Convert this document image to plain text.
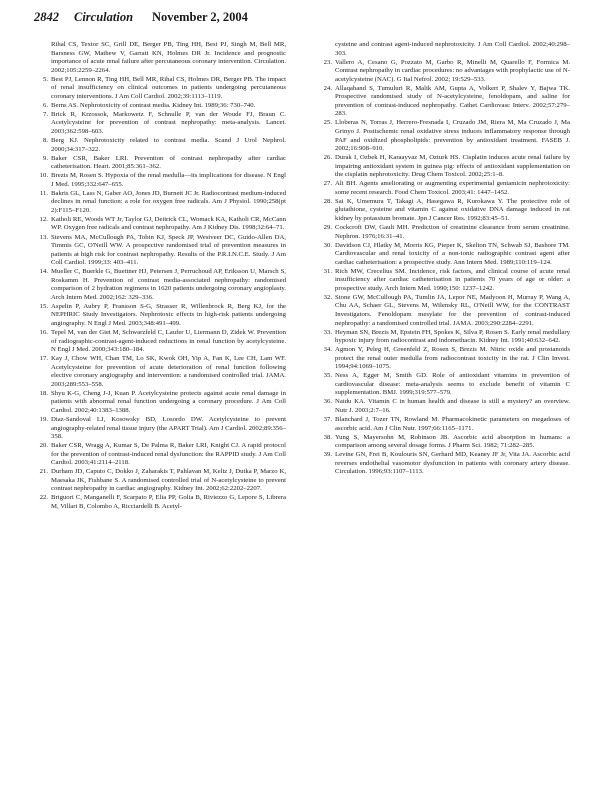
2842 Circulation November 2, 2004
Rihal CS, Textor SC, Grill DE, Berger PB, Ting HH, Best PJ, Singh M, Bell MR, Barsness GW, Mathew V, Garratt KN, Holmes DR Jr. Incidence and prognostic importance of acute renal failure after percutaneous coronary intervention. Circulation. 2002;105:2259–2264.
5. Best PJ, Lennon R, Ting HH, Bell MR, Rihal CS, Holmes DR, Berger PB. The impact of renal insufficiency on clinical outcomes in patients undergoing percutaneous coronary interventions. J Am Coll Cardiol. 2002;39:1113–1119.
6. Berns AS. Nephrotoxicity of contrast media. Kidney Int. 1989;36: 730–740.
7. Brick R, Krzossok, Markowetz F, Schnulle P, van der Woude FJ, Braun C. Acetylcysteine for prevention of contrast nephropathy: meta-analysis. Lancet. 2003;362:598–603.
8. Berg KJ. Nephrotoxicity related to contrast media. Scand J Urol Nephrol. 2000;34:317–322.
9. Baker CSR, Baker LRI. Prevention of contrast nephropathy after cardiac catheterisation. Heart. 2001;85:361–362.
10. Brezis M, Rosen S. Hypoxia of the renal medulla—its implications for disease. N Engl J Med. 1995;332:647–655.
11. Bakris GL, Lass N, Gaber AO, Jones JD, Burnett JC Jr. Radiocontrast medium-induced declines in renal function: a role for oxygen free radicals. Am J Physiol. 1990;258(pt 2):F115–F120.
12. Katholi RE, Woods WT Jr, Taylor GJ, Deitrick CL, Womack KA, Katholi CR, McCann WP. Oxygen free radicals and contrast nephropathy. Am J Kidney Dis. 1998;32:64–71.
13. Stevens MA, McCullough PA, Tobin KJ, Speck JP, Westveer DC, Guido-Allen DA, Timmis GC, O'Neill WW. A prospective randomised trial of prevention measures in patients at high risk for contrast nephropathy. Results of the P.R.I.N.C.E. Study. J Am Coll Cardiol. 1999;33: 403–411.
14. Mueller C, Buerkle G, Buettner HJ, Petersen J, Perruchoud AP, Eriksson U, Marsch S, Roskamm H. Prevention of contrast media-associated nephropathy: randomised comparison of 2 hydration regimens in 1620 patients undergoing coronary angioplasty. Arch Intern Med. 2002;162: 329–336.
15. Aspelin P, Aubry P, Fransson S-G, Strasser R, Willenbrock R, Berg KJ, for the NEPHRIC Study Investigators. Nephrotoxic effects in high-risk patients undergoing angiography. N Engl J Med. 2003;348:491–499.
16. Tepel M, van der Giet M, Schwarzfeld C, Laufer U, Liermann D, Zidek W. Prevention of radiographic-contrast-agent-induced reductions in renal function by acetylcysteine. N Engl J Med. 2000;343:180–184.
17. Kay J, Chow WH, Chan TM, Lo SK, Kwok OH, Yip A, Fan K, Lee CH, Lam WF. Acetylcysteine for prevention of acute deterioration of renal function following elective coronary angiography and intervention: a randomised controlled trial. JAMA. 2003;289:553–558.
18. Shyu K-G, Cheng J-J, Kuan P. Acetylcysteine protects against acute renal damage in patients with abnormal renal function undergoing a coronary procedure. J Am Coll Cardiol. 2002;40:1383–1388.
19. Diaz-Sandoval LJ, Kosowsky BD, Losordo DW. Acetylcysteine to prevent angiography-related renal tissue injury (the APART Trial). Am J Cardiol. 2002;89:356–358.
20. Baker CSR, Wragg A, Kumar S, De Palma R, Baker LRI, Knight CJ. A rapid protocol for the prevention of contrast-induced renal dysfunction: the RAPPID study. J Am Coll Cardiol. 2003;41:2114–2118.
21. Durham JD, Caputo C, Dokko J, Zaharakis T, Pahlavan M, Keltz J, Dutka P, Marzo K, Maesaka JK, Fishbane S. A randomised controlled trial of N-acetylcysteine to prevent contrast nephropathy in cardiac angiography. Kidney Int. 2002;62:2202–2207.
22. Briguori C, Manganelli F, Scarpato P, Elia PP, Golia B, Riviezzo G, Lepore S, Librera M, Villari B, Colombo A, Ricciardelli B. Acetyl-
cysteine and contrast agent-induced nephrotoxicity. J Am Coll Cardiol. 2002;40:298–303.
23. Vallero A, Cesano G, Pozzato M, Garbo R, Minelli M, Quarello F, Formica M. Contrast nephropathy in cardiac procedures: no advantages with prophylactic use of N-acetylcysteine (NAC). G Ital Nefrol. 2002; 19:529–533.
24. Allaqaband S, Tumuluri R, Malik AM, Gupta A, Volkert P, Shalev Y, Bajwa TK. Prospective randomised study of N-acetylcysteine, fenoldopam, and saline for prevention of contrast-induced nephropathy. Cathet Cardiovasc Interv. 2002;57:279–283.
25. Lloberas N, Torras J, Herrero-Fresnada I, Cruzado JM, Riera M, Ma Cruzado J, Ma Grinyo J. Postischemic renal oxidative stress induces inflammatory response through PAF and oxidized phospholipids: prevention by antioxidant treatment. FASEB J. 2002;16:908–910.
26. Durak I, Ozbek H, Karaayvaz M, Ozturk HS. Cisplatin induces acute renal failure by impairing antioxidant system in guinea pig: effects of antioxidant supplementation on the cisplatin nephrotoxicity. Drug Chem Toxicol. 2002;25:1–8.
27. Ali BH. Agents ameliorating or augmenting experimental gentamicin nephrotoxicity: some recent research. Food Chem Toxicol. 2003;41: 1447–1452.
28. Sai K, Umemura T, Takagi A, Hasegawa R, Kurokawa Y. The protective role of glutathione, cysteine and vitamin C against oxidative DNA damage induced in rat kidney by potassium bromate. Jpn J Cancer Res. 1992;83:45–51.
29. Cockcroft DW, Gault MH. Prediction of creatinine clearance from serum creatinine. Nephron. 1976;16:31–41.
30. Davidson CJ, Hlatky M, Morris KG, Pieper K, Skelton TN, Schwab SJ, Bashore TM. Cardiovascular and renal toxicity of a non-ionic radiographic contrast agent after cardiac catheterisation: a prospective study. Ann Intern Med. 1989;110:119–124.
31. Rich MW, Crecelius SM. Incidence, risk factors, and clinical course of acute renal insufficiency after cardiac catheterisation in patients 70 years of age or older: a prospective study. Arch Intern Med. 1990;150: 1237–1242.
32. Stone GW, McCullough PA, Tumlin JA, Lepor NE, Madyoon H, Murray P, Wang A, Chu AA, Schaer GL, Stevens M, Wilensky RL, O'Neill WW, for the CONTRAST Investigators. Fenoldopam mesylate for the prevention of contrast-induced nephropathy: a randomised controlled trial. JAMA. 2003;290:2284–2291.
33. Heyman SN, Brezis M, Epstein FH, Spokes K, Silva P, Rosen S. Early renal medullary hypoxic injury from radiocontrast and indomethacin. Kidney Int. 1991;40:632–642.
34. Agmon Y, Peleg H, Greenfeld Z, Rosen S, Brezis M. Nitric oxide and prostanoids protect the renal outer medulla from radiocontrast toxicity in the rat. J Clin Invest. 1994;94:1069–1075.
35. Ness A, Egger M, Smith GD. Role of antioxidant vitamins in prevention of cardiovascular disease: meta-analysis seems to exclude benefit of vitamin C supplementation. BMJ. 1999;319:577–579.
36. Naidu KA. Vitamin C in human health and disease is still a mystery? an overview. Nutr J. 2003;2:7–16.
37. Blanchard J, Tozer TN, Rowland M. Pharmacokinetic parameters on megadoses of ascorbic acid. Am J Clin Nutr. 1997;66:1165–1171.
38. Yung S, Mayersohn M, Robinson JB. Ascorbic acid absorption in humans: a comparison among several dosage forms. J Pharm Sci. 1982; 71:282–285.
39. Levine GN, Frei B, Koulouris SN, Gerhard MD, Keaney JF Jr, Vita JA. Ascorbic acid reverses endothelial vasomotor dysfunction in patients with coronary artery disease. Circulation. 1996;93:1107–1113.
